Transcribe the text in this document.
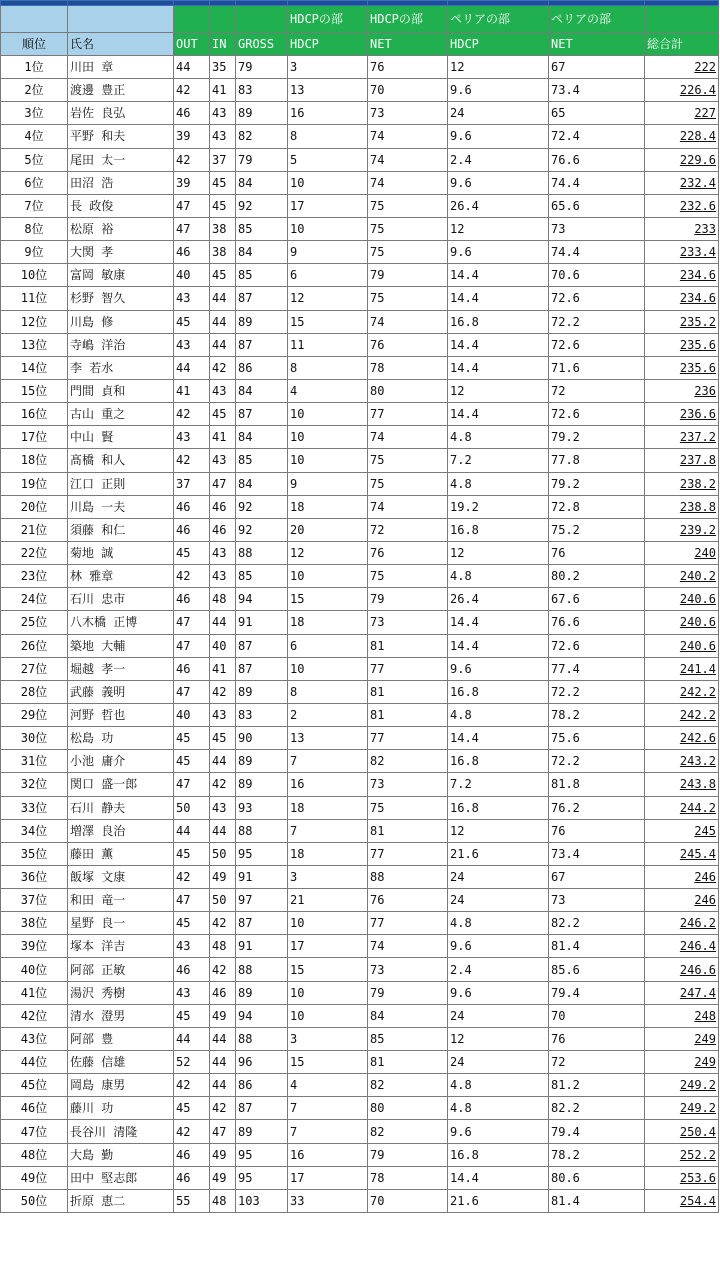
					HDCPの部	HDCPの部	ペリアの部	ペリアの部	
順位	氏名	OUT	IN	GROSS	HDCP	NET	HDCP	NET	総合計
1位	川田 章	44	35	79	3	76	12	67	222
2位	渡邊 豊正	42	41	83	13	70	9.6	73.4	226.4
3位	岩佐 良弘	46	43	89	16	73	24	65	227
4位	平野 和夫	39	43	82	8	74	9.6	72.4	228.4
5位	尾田 太一	42	37	79	5	74	2.4	76.6	229.6
6位	田沼 浩	39	45	84	10	74	9.6	74.4	232.4
7位	長 政俊	47	45	92	17	75	26.4	65.6	232.6
8位	松原 裕	47	38	85	10	75	12	73	233
9位	大関 孝	46	38	84	9	75	9.6	74.4	233.4
10位	富岡 敏康	40	45	85	6	79	14.4	70.6	234.6
11位	杉野 智久	43	44	87	12	75	14.4	72.6	234.6
12位	川島 修	45	44	89	15	74	16.8	72.2	235.2
13位	寺嶋 洋治	43	44	87	11	76	14.4	72.6	235.6
14位	李 若水	44	42	86	8	78	14.4	71.6	235.6
15位	門間 貞和	41	43	84	4	80	12	72	236
16位	古山 重之	42	45	87	10	77	14.4	72.6	236.6
17位	中山 賢	43	41	84	10	74	4.8	79.2	237.2
18位	髙橋 和人	42	43	85	10	75	7.2	77.8	237.8
19位	江口 正則	37	47	84	9	75	4.8	79.2	238.2
20位	川島 一夫	46	46	92	18	74	19.2	72.8	238.8
21位	須藤 和仁	46	46	92	20	72	16.8	75.2	239.2
22位	菊地 誠	45	43	88	12	76	12	76	240
23位	林 雅章	42	43	85	10	75	4.8	80.2	240.2
24位	石川 忠市	46	48	94	15	79	26.4	67.6	240.6
25位	八木橋 正博	47	44	91	18	73	14.4	76.6	240.6
26位	築地 大輔	47	40	87	6	81	14.4	72.6	240.6
27位	堀越 孝一	46	41	87	10	77	9.6	77.4	241.4
28位	武藤 義明	47	42	89	8	81	16.8	72.2	242.2
29位	河野 哲也	40	43	83	2	81	4.8	78.2	242.2
30位	松島 功	45	45	90	13	77	14.4	75.6	242.6
31位	小池 庸介	45	44	89	7	82	16.8	72.2	243.2
32位	関口 盛一郎	47	42	89	16	73	7.2	81.8	243.8
33位	石川 静夫	50	43	93	18	75	16.8	76.2	244.2
34位	増澤 良治	44	44	88	7	81	12	76	245
35位	藤田 薫	45	50	95	18	77	21.6	73.4	245.4
36位	飯塚 文康	42	49	91	3	88	24	67	246
37位	和田 竜一	47	50	97	21	76	24	73	246
38位	星野 良一	45	42	87	10	77	4.8	82.2	246.2
39位	塚本 洋吉	43	48	91	17	74	9.6	81.4	246.4
40位	阿部 正敏	46	42	88	15	73	2.4	85.6	246.6
41位	湯沢 秀樹	43	46	89	10	79	9.6	79.4	247.4
42位	清水 澄男	45	49	94	10	84	24	70	248
43位	阿部 豊	44	44	88	3	85	12	76	249
44位	佐藤 信雄	52	44	96	15	81	24	72	249
45位	岡島 康男	42	44	86	4	82	4.8	81.2	249.2
46位	藤川 功	45	42	87	7	80	4.8	82.2	249.2
47位	長谷川 清隆	42	47	89	7	82	9.6	79.4	250.4
48位	大島 勤	46	49	95	16	79	16.8	78.2	252.2
49位	田中 堅志郎	46	49	95	17	78	14.4	80.6	253.6
50位	折原 恵二	55	48	103	33	70	21.6	81.4	254.4
